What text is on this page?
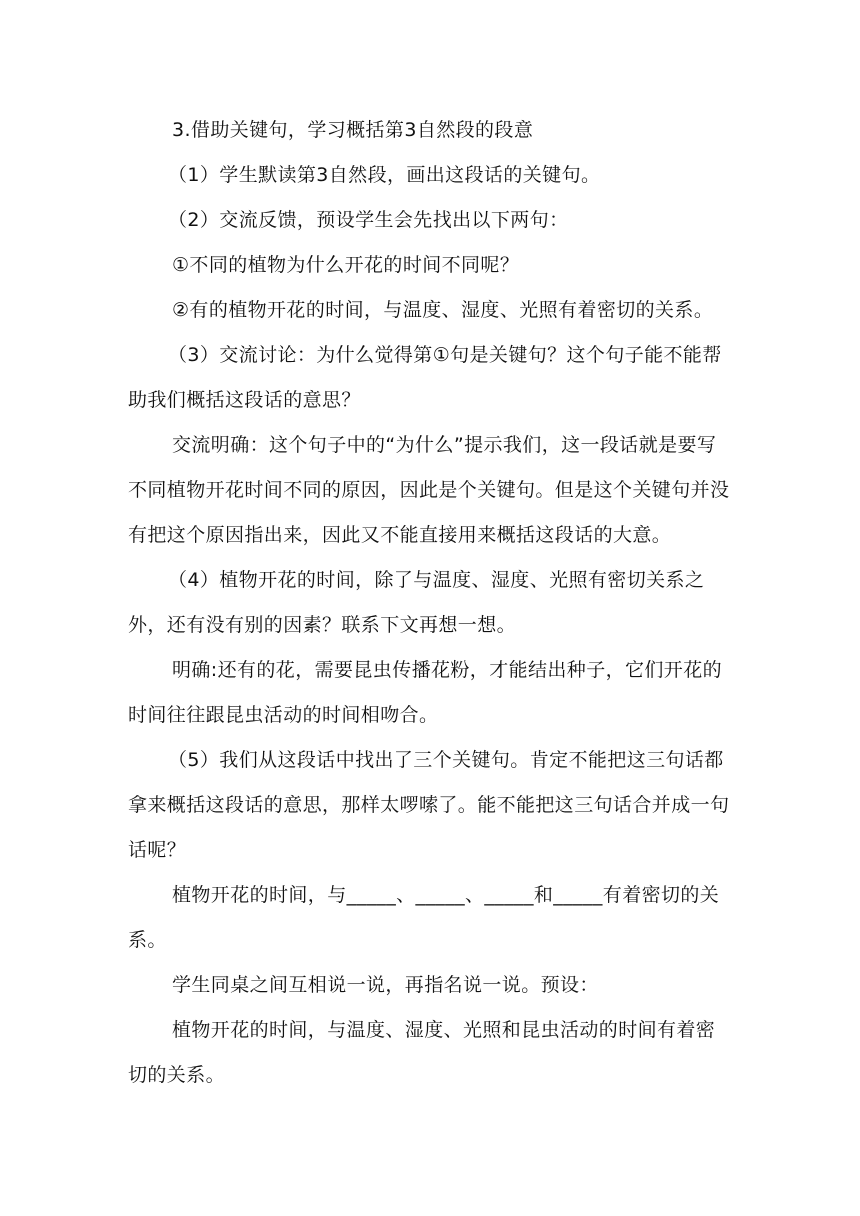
3.借助关键句，学习概括第3自然段的段意

（1）学生默读第3自然段，画出这段话的关键句。

（2）交流反馈，预设学生会先找出以下两句：

①不同的植物为什么开花的时间不同呢？

②有的植物开花的时间，与温度、湿度、光照有着密切的关系。

（3）交流讨论：为什么觉得第①句是关键句？这个句子能不能帮助我们概括这段话的意思？

交流明确：这个句子中的“为什么”提示我们，这一段话就是要写不同植物开花时间不同的原因，因此是个关键句。但是这个关键句并没有把这个原因指出来，因此又不能直接用来概括这段话的大意。

（4）植物开花的时间，除了与温度、湿度、光照有密切关系之外，还有没有别的因素？联系下文再想一想。

明确:还有的花，需要昆虫传播花粉，才能结出种子，它们开花的时间往往跟昆虫活动的时间相吻合。

（5）我们从这段话中找出了三个关键句。肯定不能把这三句话都拿来概括这段话的意思，那样太啰嗦了。能不能把这三句话合并成一句话呢？

植物开花的时间，与_____、_____、_____和_____有着密切的关系。

学生同桌之间互相说一说，再指名说一说。预设：

植物开花的时间，与温度、湿度、光照和昆虫活动的时间有着密切的关系。
